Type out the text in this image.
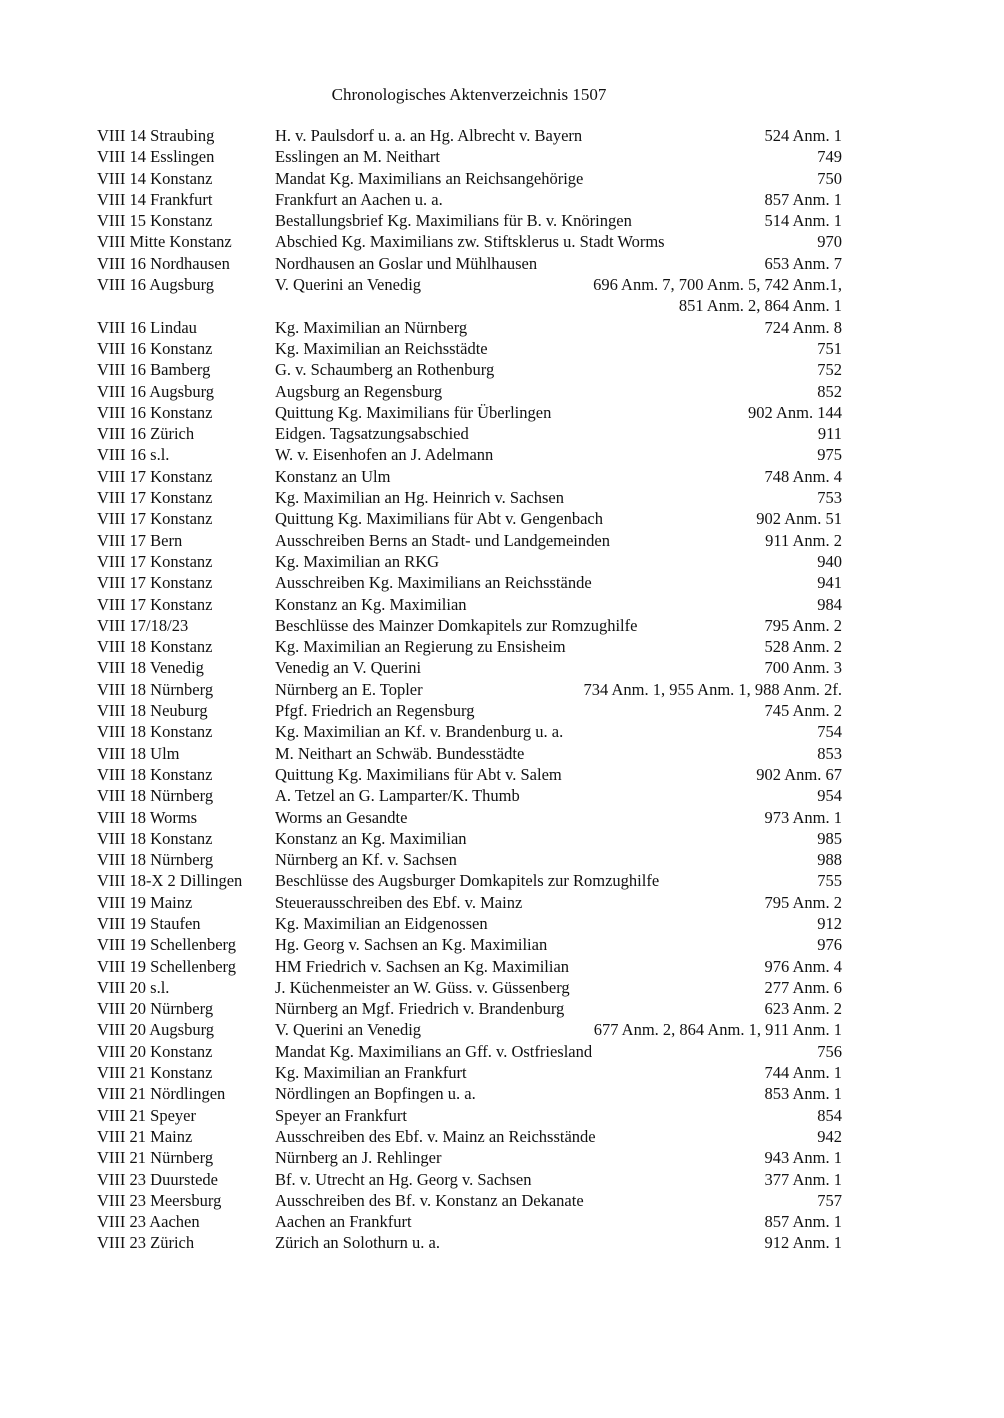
Chronologisches Aktenverzeichnis 1507
VIII 14 Straubing	H. v. Paulsdorf u. a. an Hg. Albrecht v. Bayern	524 Anm. 1
VIII 14 Esslingen	Esslingen an M. Neithart	749
VIII 14 Konstanz	Mandat Kg. Maximilians an Reichsangehörige	750
VIII 14 Frankfurt	Frankfurt an Aachen u. a.	857 Anm. 1
VIII 15 Konstanz	Bestallungsbrief Kg. Maximilians für B. v. Knöringen	514 Anm. 1
VIII Mitte Konstanz	Abschied Kg. Maximilians zw. Stiftsklerus u. Stadt Worms	970
VIII 16 Nordhausen	Nordhausen an Goslar und Mühlhausen	653 Anm. 7
VIII 16 Augsburg	V. Querini an Venedig	696 Anm. 7, 700 Anm. 5, 742 Anm.1,
851 Anm. 2, 864 Anm. 1
VIII 16 Lindau	Kg. Maximilian an Nürnberg	724 Anm. 8
VIII 16 Konstanz	Kg. Maximilian an Reichsstädte	751
VIII 16 Bamberg	G. v. Schaumberg an Rothenburg	752
VIII 16 Augsburg	Augsburg an Regensburg	852
VIII 16 Konstanz	Quittung Kg. Maximilians für Überlingen	902 Anm. 144
VIII 16 Zürich	Eidgen. Tagsatzungsabschied	911
VIII 16 s.l.	W. v. Eisenhofen an J. Adelmann	975
VIII 17 Konstanz	Konstanz an Ulm	748 Anm. 4
VIII 17 Konstanz	Kg. Maximilian an Hg. Heinrich v. Sachsen	753
VIII 17 Konstanz	Quittung Kg. Maximilians für Abt v. Gengenbach	902 Anm. 51
VIII 17 Bern	Ausschreiben Berns an Stadt- und Landgemeinden	911 Anm. 2
VIII 17 Konstanz	Kg. Maximilian an RKG	940
VIII 17 Konstanz	Ausschreiben Kg. Maximilians an Reichsstände	941
VIII 17 Konstanz	Konstanz an Kg. Maximilian	984
VIII 17/18/23	Beschlüsse des Mainzer Domkapitels zur Romzughilfe	795 Anm. 2
VIII 18 Konstanz	Kg. Maximilian an Regierung zu Ensisheim	528 Anm. 2
VIII 18 Venedig	Venedig an V. Querini	700 Anm. 3
VIII 18 Nürnberg	Nürnberg an E. Topler	734 Anm. 1, 955 Anm. 1, 988 Anm. 2f.
VIII 18 Neuburg	Pfgf. Friedrich an Regensburg	745 Anm. 2
VIII 18 Konstanz	Kg. Maximilian an Kf. v. Brandenburg u. a.	754
VIII 18 Ulm	M. Neithart an Schwäb. Bundesstädte	853
VIII 18 Konstanz	Quittung Kg. Maximilians für Abt v. Salem	902 Anm. 67
VIII 18 Nürnberg	A. Tetzel an G. Lamparter/K. Thumb	954
VIII 18 Worms	Worms an Gesandte	973 Anm. 1
VIII 18 Konstanz	Konstanz an Kg. Maximilian	985
VIII 18 Nürnberg	Nürnberg an Kf. v. Sachsen	988
VIII 18-X 2 Dillingen	Beschlüsse des Augsburger Domkapitels zur Romzughilfe	755
VIII 19 Mainz	Steuerausschreiben des Ebf. v. Mainz	795 Anm. 2
VIII 19 Staufen	Kg. Maximilian an Eidgenossen	912
VIII 19 Schellenberg	Hg. Georg v. Sachsen an Kg. Maximilian	976
VIII 19 Schellenberg	HM Friedrich v. Sachsen an Kg. Maximilian	976 Anm. 4
VIII 20 s.l.	J. Küchenmeister an W. Güss. v. Güssenberg	277 Anm. 6
VIII 20 Nürnberg	Nürnberg an Mgf. Friedrich v. Brandenburg	623 Anm. 2
VIII 20 Augsburg	V. Querini an Venedig	677 Anm. 2, 864 Anm. 1, 911 Anm. 1
VIII 20 Konstanz	Mandat Kg. Maximilians an Gff. v. Ostfriesland	756
VIII 21 Konstanz	Kg. Maximilian an Frankfurt	744 Anm. 1
VIII 21 Nördlingen	Nördlingen an Bopfingen u. a.	853 Anm. 1
VIII 21 Speyer	Speyer an Frankfurt	854
VIII 21 Mainz	Ausschreiben des Ebf. v. Mainz an Reichsstände	942
VIII 21 Nürnberg	Nürnberg an J. Rehlinger	943 Anm. 1
VIII 23 Duurstede	Bf. v. Utrecht an Hg. Georg v. Sachsen	377 Anm. 1
VIII 23 Meersburg	Ausschreiben des Bf. v. Konstanz an Dekanate	757
VIII 23 Aachen	Aachen an Frankfurt	857 Anm. 1
VIII 23 Zürich	Zürich an Solothurn u. a.	912 Anm. 1
